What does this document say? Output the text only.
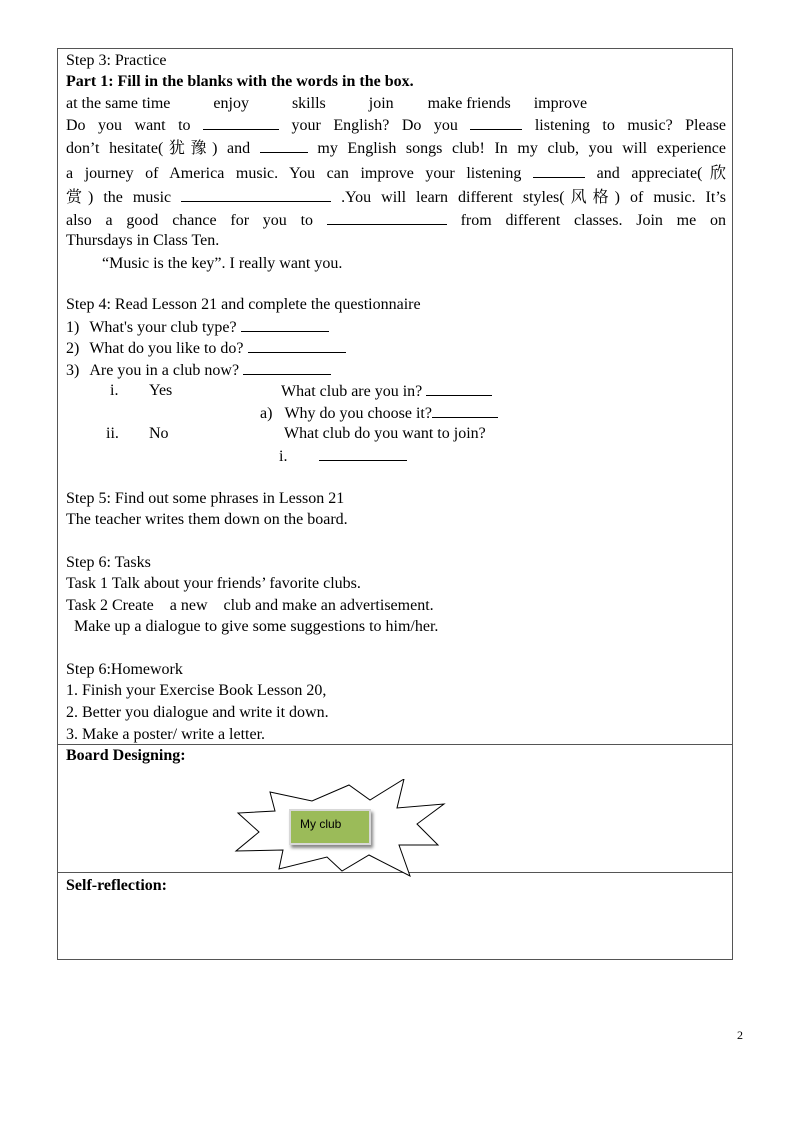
Step 3: Practice
Part 1: Fill in the blanks with the words in the box.
at the same time	enjoy	skills	join make friends improve
Do you want to	your English? Do you	listening to music? Please
don’t hesitate(犹豫) and	my English songs club! In my club, you will experience
a journey of America music. You can improve your listening	and appreciate(欣
赏) the music	.You will learn different styles(风格) of music. It’s
also a good chance for you to	from different classes. Join me on
Thursdays in Class Ten.
“Music is the key”. I really want you.
Step 4: Read Lesson 21 and complete the questionnaire
1) What's your club type?
2) What do you like to do?
3) Are you in a club now?
i. Yes	What club are you in?
a) Why do you choose it?
ii. No	What club do you want to join?
i.
Step 5: Find out some phrases in Lesson 21
The teacher writes them down on the board.
Step 6: Tasks
Task 1 Talk about your friends’ favorite clubs.
Task 2 Create    a new    club and make an advertisement.
Make up a dialogue to give some suggestions to him/her.
Step 6:Homework
1. Finish your Exercise Book Lesson 20,
2. Better you dialogue and write it down.
3. Make a poster/ write a letter.
Board Designing:
My club
Self-reflection:
2
